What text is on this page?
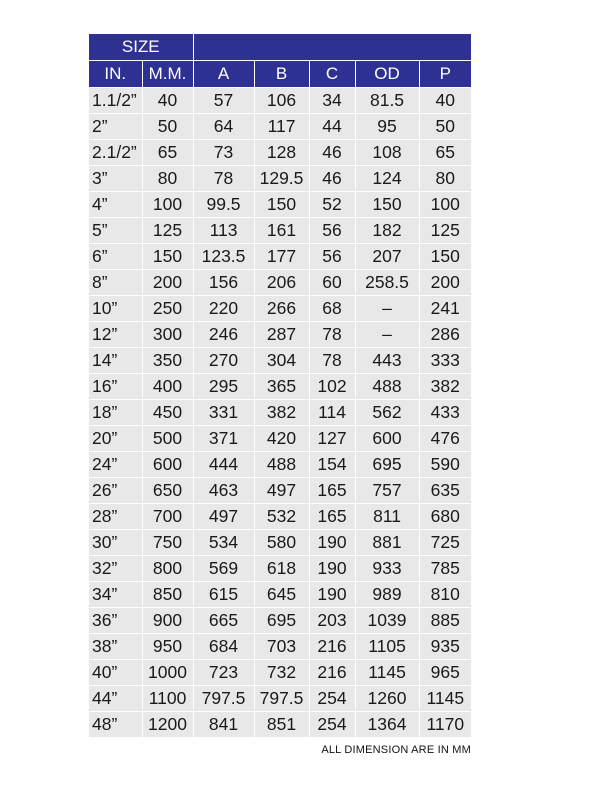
SIZE						
IN.	M.M.	A	B	C	OD	P
1.1/2”	40	57	106	34	81.5	40
2”	50	64	117	44	95	50
2.1/2”	65	73	128	46	108	65
3”	80	78	129.5	46	124	80
4”	100	99.5	150	52	150	100
5”	125	113	161	56	182	125
6”	150	123.5	177	56	207	150
8”	200	156	206	60	258.5	200
10”	250	220	266	68	–	241
12”	300	246	287	78	–	286
14”	350	270	304	78	443	333
16”	400	295	365	102	488	382
18”	450	331	382	114	562	433
20”	500	371	420	127	600	476
24”	600	444	488	154	695	590
26”	650	463	497	165	757	635
28”	700	497	532	165	811	680
30”	750	534	580	190	881	725
32”	800	569	618	190	933	785
34”	850	615	645	190	989	810
36”	900	665	695	203	1039	885
38”	950	684	703	216	1105	935
40”	1000	723	732	216	1145	965
44”	1100	797.5	797.5	254	1260	1145
48”	1200	841	851	254	1364	1170
ALL DIMENSION ARE IN MM
